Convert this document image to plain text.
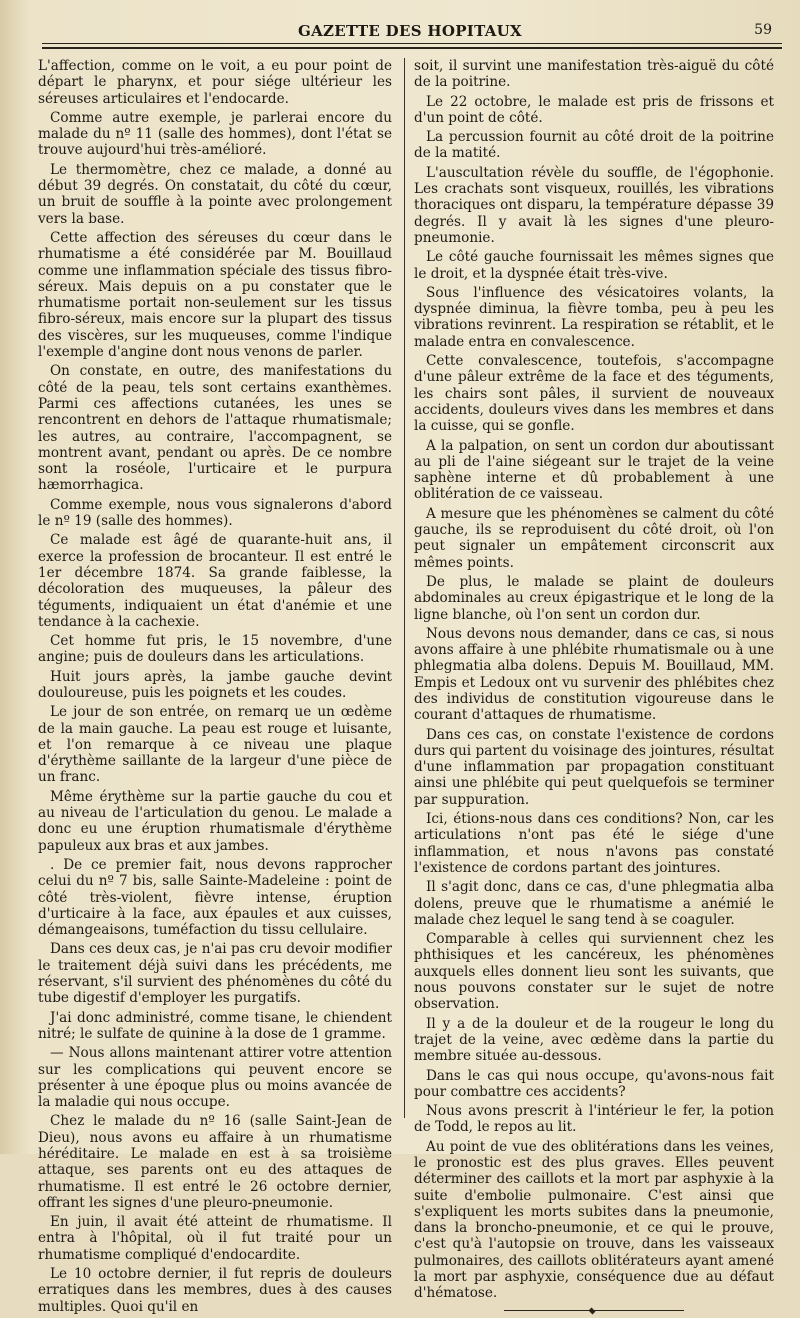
GAZETTE DES HOPITAUX	59

L'affection, comme on le voit, a eu pour point de départ le pharynx, et pour siége ultérieur les séreuses articulaires et l'endocarde.

Comme autre exemple, je parlerai encore du malade du nº 11 (salle des hommes), dont l'état se trouve aujourd'hui très-amélioré.

Le thermomètre, chez ce malade, a donné au début 39 degrés. On constatait, du côté du cœur, un bruit de souffle à la pointe avec prolongement vers la base.

Cette affection des séreuses du cœur dans le rhumatisme a été considérée par M. Bouillaud comme une inflammation spéciale des tissus fibro-séreux. Mais depuis on a pu constater que le rhumatisme portait non-seulement sur les tissus fibro-séreux, mais encore sur la plupart des tissus des viscères, sur les muqueuses, comme l'indique l'exemple d'angine dont nous venons de parler.

On constate, en outre, des manifestations du côté de la peau, tels sont certains exanthèmes. Parmi ces affections cutanées, les unes se rencontrent en dehors de l'attaque rhumatismale; les autres, au contraire, l'accompagnent, se montrent avant, pendant ou après. De ce nombre sont la roséole, l'urticaire et le purpura hæmorrhagica.

Comme exemple, nous vous signalerons d'abord le nº 19 (salle des hommes).

Ce malade est âgé de quarante-huit ans, il exerce la profession de brocanteur. Il est entré le 1er décembre 1874. Sa grande faiblesse, la décoloration des muqueuses, la pâleur des téguments, indiquaient un état d'anémie et une tendance à la cachexie.

Cet homme fut pris, le 15 novembre, d'une angine; puis de douleurs dans les articulations.

Huit jours après, la jambe gauche devint douloureuse, puis les poignets et les coudes.

Le jour de son entrée, on remarq ue un œdème de la main gauche. La peau est rouge et luisante, et l'on remarque à ce niveau une plaque d'érythème saillante de la largeur d'une pièce de un franc.

Même érythème sur la partie gauche du cou et au niveau de l'articulation du genou. Le malade a donc eu une éruption rhumatismale d'érythème papuleux aux bras et aux jambes.

. De ce premier fait, nous devons rapprocher celui du nº 7 bis, salle Sainte-Madeleine : point de côté très-violent, fièvre intense, éruption d'urticaire à la face, aux épaules et aux cuisses, démangeaisons, tuméfaction du tissu cellulaire.

Dans ces deux cas, je n'ai pas cru devoir modifier le traitement déjà suivi dans les précédents, me réservant, s'il survient des phénomènes du côté du tube digestif d'employer les purgatifs.

J'ai donc administré, comme tisane, le chiendent nitré; le sulfate de quinine à la dose de 1 gramme.

— Nous allons maintenant attirer votre attention sur les complications qui peuvent encore se présenter à une époque plus ou moins avancée de la maladie qui nous occupe.

Chez le malade du nº 16 (salle Saint-Jean de Dieu), nous avons eu affaire à un rhumatisme héréditaire. Le malade en est à sa troisième attaque, ses parents ont eu des attaques de rhumatisme. Il est entré le 26 octobre dernier, offrant les signes d'une pleuro-pneumonie.

En juin, il avait été atteint de rhumatisme. Il entra à l'hôpital, où il fut traité pour un rhumatisme compliqué d'endocardite.

Le 10 octobre dernier, il fut repris de douleurs erratiques dans les membres, dues à des causes multiples. Quoi qu'il en

soit, il survint une manifestation très-aiguë du côté de la poitrine.

Le 22 octobre, le malade est pris de frissons et d'un point de côté.

La percussion fournit au côté droit de la poitrine de la matité.

L'auscultation révèle du souffle, de l'égophonie. Les crachats sont visqueux, rouillés, les vibrations thoraciques ont disparu, la température dépasse 39 degrés. Il y avait là les signes d'une pleuro-pneumonie.

Le côté gauche fournissait les mêmes signes que le droit, et la dyspnée était très-vive.

Sous l'influence des vésicatoires volants, la dyspnée diminua, la fièvre tomba, peu à peu les vibrations revinrent. La respiration se rétablit, et le malade entra en convalescence.

Cette convalescence, toutefois, s'accompagne d'une pâleur extrême de la face et des téguments, les chairs sont pâles, il survient de nouveaux accidents, douleurs vives dans les membres et dans la cuisse, qui se gonfle.

A la palpation, on sent un cordon dur aboutissant au pli de l'aine siégeant sur le trajet de la veine saphène interne et dû probablement à une oblitération de ce vaisseau.

A mesure que les phénomènes se calment du côté gauche, ils se reproduisent du côté droit, où l'on peut signaler un empâtement circonscrit aux mêmes points.

De plus, le malade se plaint de douleurs abdominales au creux épigastrique et le long de la ligne blanche, où l'on sent un cordon dur.

Nous devons nous demander, dans ce cas, si nous avons affaire à une phlébite rhumatismale ou à une phlegmatia alba dolens. Depuis M. Bouillaud, MM. Empis et Ledoux ont vu survenir des phlébites chez des individus de constitution vigoureuse dans le courant d'attaques de rhumatisme.

Dans ces cas, on constate l'existence de cordons durs qui partent du voisinage des jointures, résultat d'une inflammation par propagation constituant ainsi une phlébite qui peut quelquefois se terminer par suppuration.

Ici, étions-nous dans ces conditions? Non, car les articulations n'ont pas été le siége d'une inflammation, et nous n'avons pas constaté l'existence de cordons partant des jointures.

Il s'agit donc, dans ce cas, d'une phlegmatia alba dolens, preuve que le rhumatisme a anémié le malade chez lequel le sang tend à se coaguler.

Comparable à celles qui surviennent chez les phthisiques et les cancéreux, les phénomènes auxquels elles donnent lieu sont les suivants, que nous pouvons constater sur le sujet de notre observation.

Il y a de la douleur et de la rougeur le long du trajet de la veine, avec œdème dans la partie du membre située au-dessous.

Dans le cas qui nous occupe, qu'avons-nous fait pour combattre ces accidents?

Nous avons prescrit à l'intérieur le fer, la potion de Todd, le repos au lit.

Au point de vue des oblitérations dans les veines, le pronostic est des plus graves. Elles peuvent déterminer des caillots et la mort par asphyxie à la suite d'embolie pulmonaire. C'est ainsi que s'expliquent les morts subites dans la pneumonie, dans la broncho-pneumonie, et ce qui le prouve, c'est qu'à l'autopsie on trouve, dans les vaisseaux pulmonaires, des caillots oblitérateurs ayant amené la mort par asphyxie, conséquence due au défaut d'hématose.
